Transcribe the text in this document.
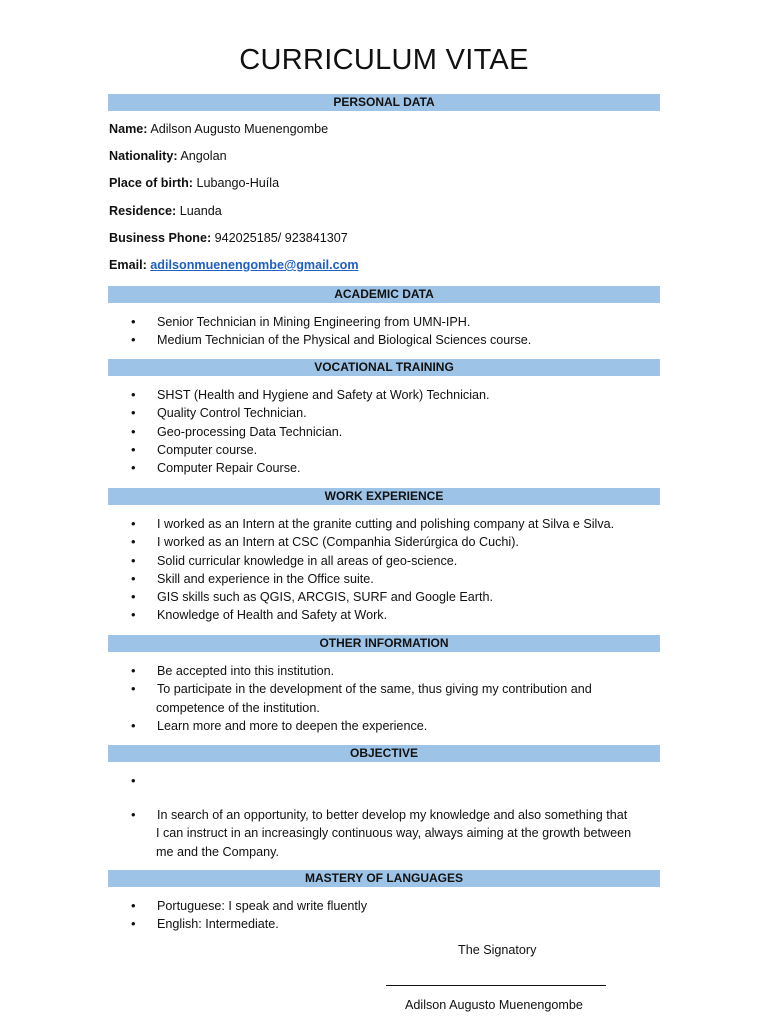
CURRICULUM VITAE
PERSONAL DATA
Name: Adilson Augusto Muenengombe
Nationality: Angolan
Place of birth: Lubango-Huíla
Residence: Luanda
Business Phone: 942025185/ 923841307
Email: adilsonmuenengombe@gmail.com
ACADEMIC DATA
• Senior Technician in Mining Engineering from UMN-IPH.
• Medium Technician of the Physical and Biological Sciences course.
VOCATIONAL TRAINING
• SHST (Health and Hygiene and Safety at Work) Technician.
• Quality Control Technician.
• Geo-processing Data Technician.
• Computer course.
• Computer Repair Course.
WORK EXPERIENCE
• I worked as an Intern at the granite cutting and polishing company at Silva e Silva.
• I worked as an Intern at CSC (Companhia Siderúrgica do Cuchi).
• Solid curricular knowledge in all areas of geo-science.
• Skill and experience in the Office suite.
• GIS skills such as QGIS, ARCGIS, SURF and Google Earth.
• Knowledge of Health and Safety at Work.
OTHER INFORMATION
• Be accepted into this institution.
• To participate in the development of the same, thus giving my contribution and
competence of the institution.
• Learn more and more to deepen the experience.
OBJECTIVE
•
• In search of an opportunity, to better develop my knowledge and also something that
I can instruct in an increasingly continuous way, always aiming at the growth between
me and the Company.
MASTERY OF LANGUAGES
• Portuguese: I speak and write fluently
• English: Intermediate.
The Signatory
Adilson Augusto Muenengombe
